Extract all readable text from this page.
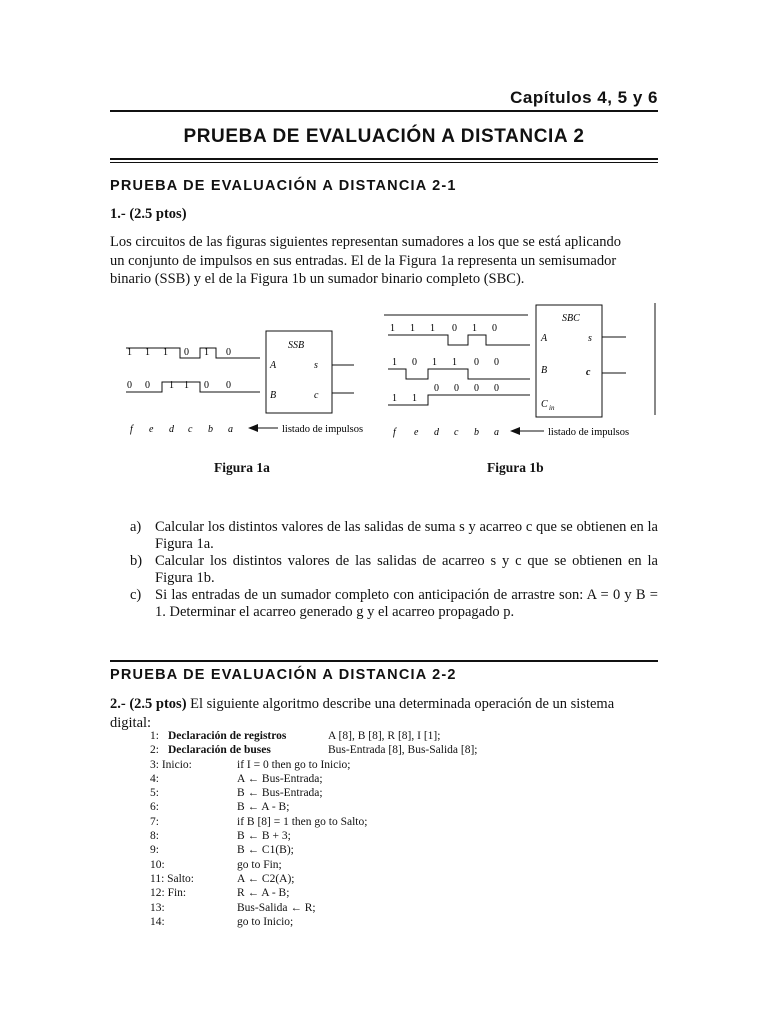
Capítulos 4, 5 y 6
PRUEBA DE EVALUACIÓN A DISTANCIA 2
PRUEBA DE EVALUACIÓN A DISTANCIA 2-1
1.- (2.5 ptos)
Los circuitos de las figuras siguientes representan sumadores a los que se está aplicando
un conjunto de impulsos en sus entradas. El de la Figura 1a representa un semisumador
binario (SSB) y el de la Figura 1b un sumador binario completo (SBC).
1 1 1 0 1 0
0 0 1 1 0 0
SSB
A
B
s
c
f e d c b a	listado de impulsos
1 1 1 0 1 0
1 0 1 1 0 0
1 1
0 0 0 0
SBC
A
B
C in
s
c
f e d c b a	listado de impulsos
Figura 1a	Figura 1b
a) Calcular los distintos valores de las salidas de suma s y acarreo c que se obtienen en la Figura 1a.
b) Calcular los distintos valores de las salidas de acarreo s y c que se obtienen en la Figura 1b.
c) Si las entradas de un sumador completo con anticipación de arrastre son: A = 0 y B = 1. Determinar el acarreo generado g y el acarreo propagado p.
PRUEBA DE EVALUACIÓN A DISTANCIA 2-2
2.- (2.5 ptos) El siguiente algoritmo describe una determinada operación de un sistema
digital:
1: Declaración de registros	A [8], B [8], R [8], I [1];
2: Declaración de buses	Bus-Entrada [8], Bus-Salida [8];
3: Inicio:	if I = 0 then go to Inicio;
4:	A ← Bus-Entrada;
5:	B ← Bus-Entrada;
6:	B ← A - B;
7:	if B [8] = 1 then go to Salto;
8:	B ← B + 3;
9:	B ← C1(B);
10:	go to Fin;
11: Salto:	A ← C2(A);
12: Fin:	R ← A - B;
13:	Bus-Salida ← R;
14:	go to Inicio;
